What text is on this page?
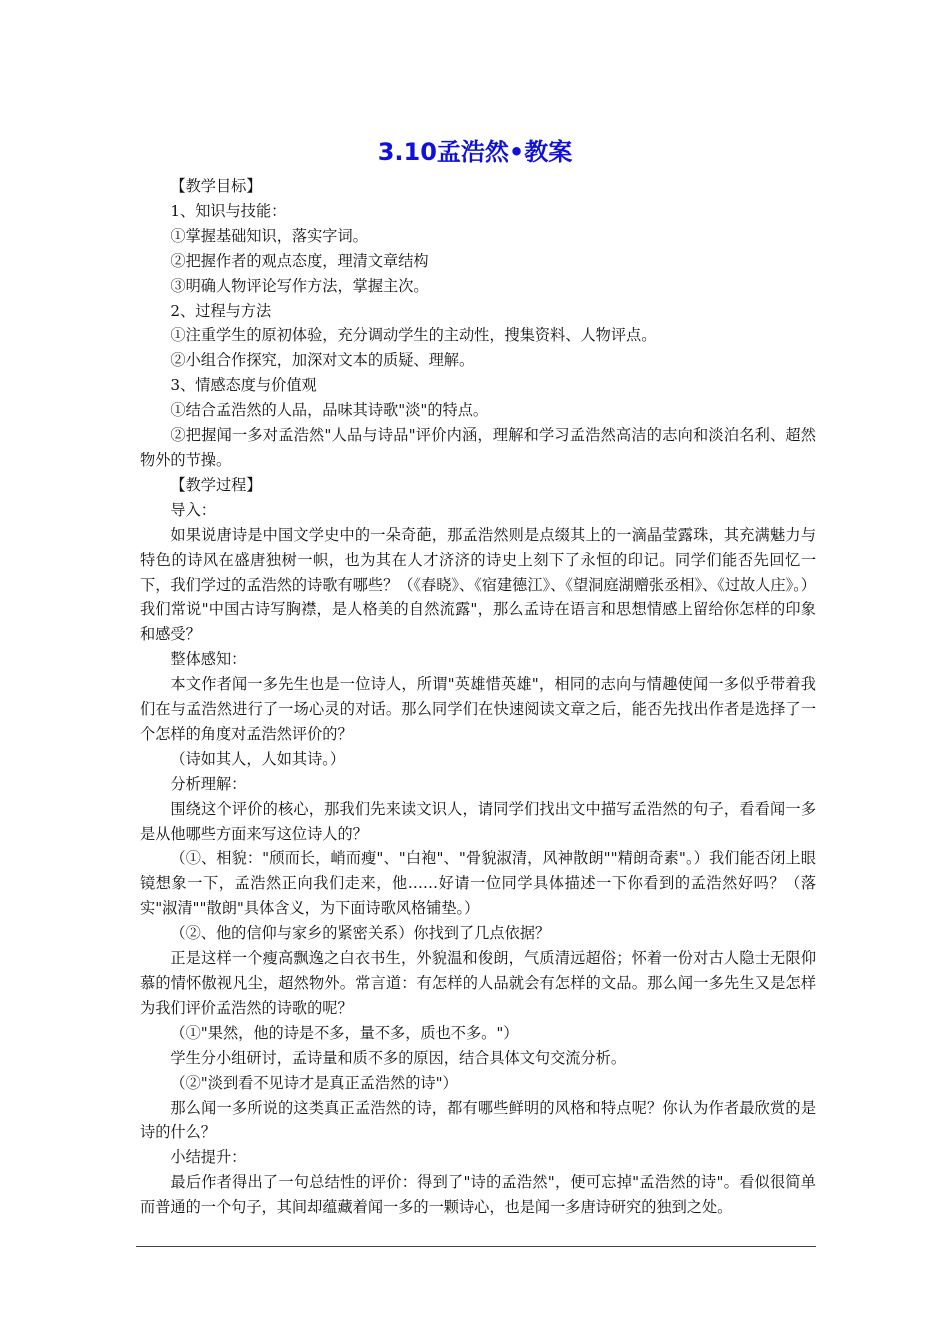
3.10孟浩然•教案

【教学目标】

1、知识与技能：

①掌握基础知识，落实字词。

②把握作者的观点态度，理清文章结构

③明确人物评论写作方法，掌握主次。

2、过程与方法

①注重学生的原初体验，充分调动学生的主动性，搜集资料、人物评点。

②小组合作探究，加深对文本的质疑、理解。

3、情感态度与价值观

①结合孟浩然的人品，品味其诗歌"淡"的特点。

②把握闻一多对孟浩然"人品与诗品"评价内涵，理解和学习孟浩然高洁的志向和淡泊名利、超然物外的节操。

【教学过程】

导入：

如果说唐诗是中国文学史中的一朵奇葩，那孟浩然则是点缀其上的一滴晶莹露珠，其充满魅力与特色的诗风在盛唐独树一帜，也为其在人才济济的诗史上刻下了永恒的印记。同学们能否先回忆一下，我们学过的孟浩然的诗歌有哪些？（《春晓》、《宿建德江》、《望洞庭湖赠张丞相》、《过故人庄》。）我们常说"中国古诗写胸襟，是人格美的自然流露"，那么孟诗在语言和思想情感上留给你怎样的印象和感受？

整体感知：

本文作者闻一多先生也是一位诗人，所谓"英雄惜英雄"，相同的志向与情趣使闻一多似乎带着我们在与孟浩然进行了一场心灵的对话。那么同学们在快速阅读文章之后，能否先找出作者是选择了一个怎样的角度对孟浩然评价的？

（诗如其人，人如其诗。）

分析理解：

围绕这个评价的核心，那我们先来读文识人，请同学们找出文中描写孟浩然的句子，看看闻一多是从他哪些方面来写这位诗人的？

（①、相貌："颀而长，峭而瘦"、"白袍"、"骨貌淑清，风神散朗""精朗奇素"。）我们能否闭上眼镜想象一下，孟浩然正向我们走来，他……好请一位同学具体描述一下你看到的孟浩然好吗？（落实"淑清""散朗"具体含义，为下面诗歌风格铺垫。）

（②、他的信仰与家乡的紧密关系）你找到了几点依据？

正是这样一个瘦高飘逸之白衣书生，外貌温和俊朗，气质清远超俗；怀着一份对古人隐士无限仰慕的情怀傲视凡尘，超然物外。常言道：有怎样的人品就会有怎样的文品。那么闻一多先生又是怎样为我们评价孟浩然的诗歌的呢？

（①"果然，他的诗是不多，量不多，质也不多。"）

学生分小组研讨，孟诗量和质不多的原因，结合具体文句交流分析。

（②"淡到看不见诗才是真正孟浩然的诗"）

那么闻一多所说的这类真正孟浩然的诗，都有哪些鲜明的风格和特点呢？你认为作者最欣赏的是诗的什么？

小结提升：

最后作者得出了一句总结性的评价：得到了"诗的孟浩然"，便可忘掉"孟浩然的诗"。看似很简单而普通的一个句子，其间却蕴藏着闻一多的一颗诗心，也是闻一多唐诗研究的独到之处。
